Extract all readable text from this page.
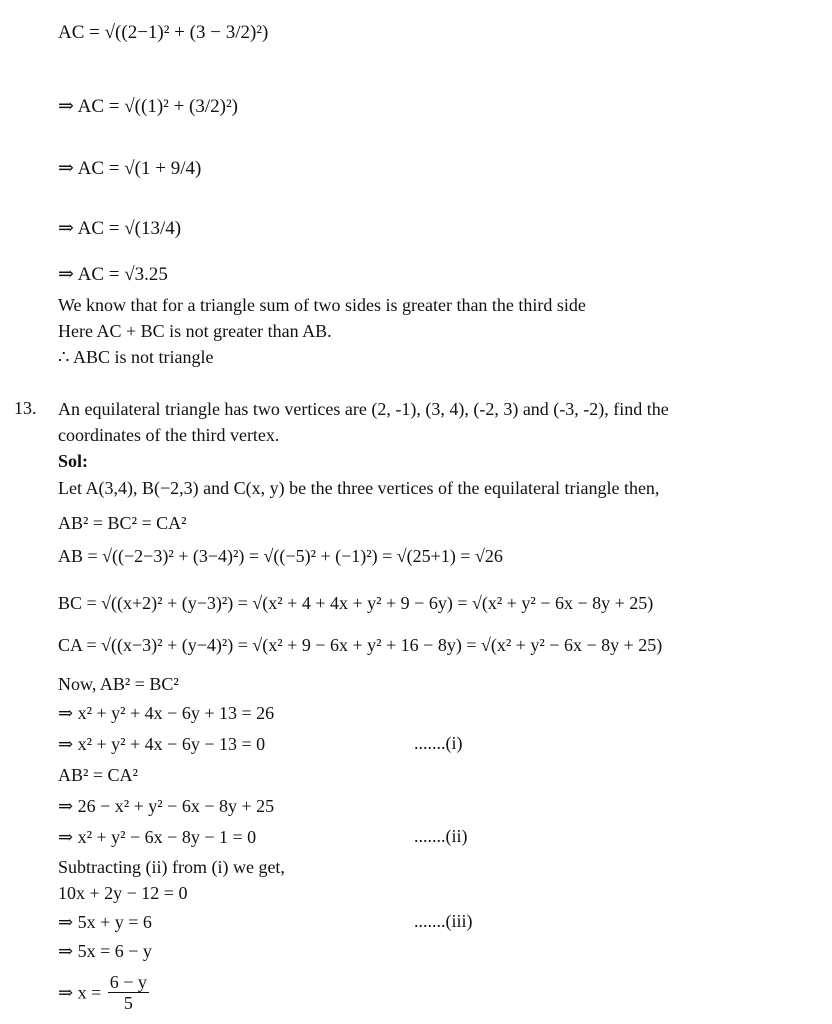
AC = √((2−1)² + (3 − 3/2)²)
⇒ AC = √((1)² + (3/2)²)
⇒ AC = √(1 + 9/4)
⇒ AC = √(13/4)
⇒ AC = √3.25
We know that for a triangle sum of two sides is greater than the third side
Here AC + BC is not greater than AB.
∴ ABC is not triangle
13. An equilateral triangle has two vertices are (2, -1), (3, 4), (-2, 3) and (-3, -2), find the
coordinates of the third vertex.
Sol:
Let A(3,4), B(−2,3) and C(x, y) be the three vertices of the equilateral triangle then,
AB² = BC² = CA²
AB = √((−2−3)² + (3−4)²) = √((−5)² + (−1)²) = √(25+1) = √26
BC = √((x+2)² + (y−3)²) = √(x² + 4 + 4x + y² + 9 − 6y) = √(x² + y² − 6x − 8y + 25)
CA = √((x−3)² + (y−4)²) = √(x² + 9 − 6x + y² + 16 − 8y) = √(x² + y² − 6x − 8y + 25)
Now, AB² = BC²
⇒ x² + y² + 4x − 6y + 13 = 26
⇒ x² + y² + 4x − 6y − 13 = 0	.......(i)
AB² = CA²
⇒ 26 − x² + y² − 6x − 8y + 25
⇒ x² + y² − 6x − 8y − 1 = 0	.......(ii)
Subtracting (ii) from (i) we get,
10x + 2y − 12 = 0
⇒ 5x + y = 6	.......(iii)
⇒ 5x = 6 − y
⇒ $x = \frac{6 - y}{5}$
